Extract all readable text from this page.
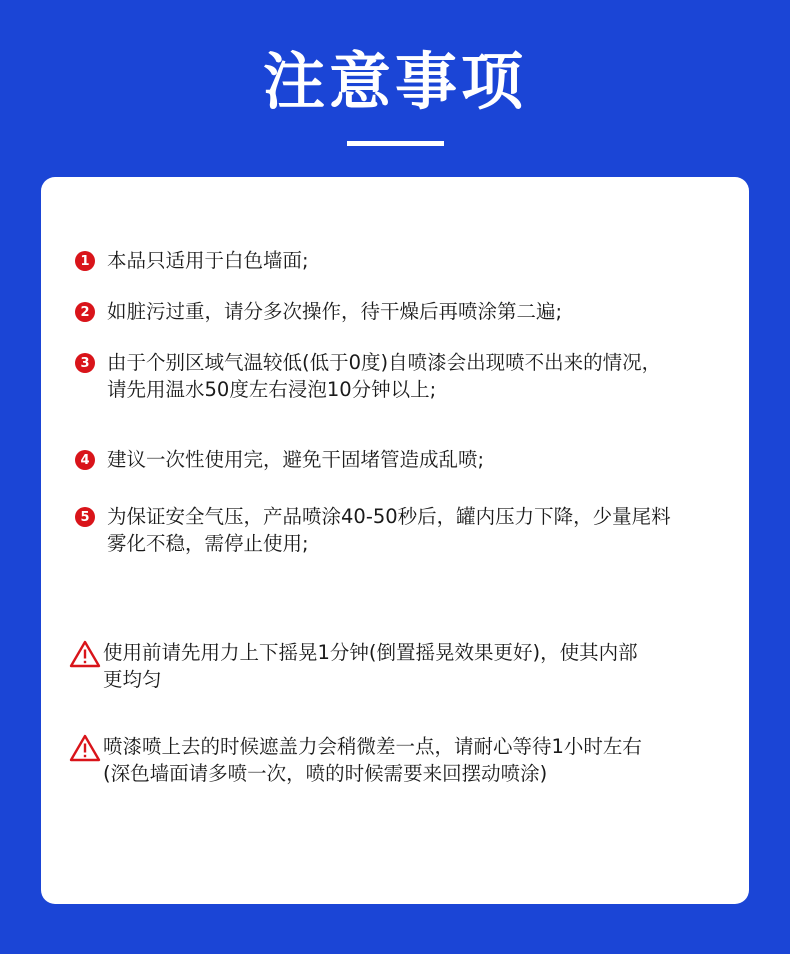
注意事项
1 本品只适用于白色墙面;
2 如脏污过重，请分多次操作，待干燥后再喷涂第二遍;
3 由于个别区域气温较低(低于0度)自喷漆会出现喷不出来的情况，
请先用温水50度左右浸泡10分钟以上;
4 建议一次性使用完，避免干固堵管造成乱喷;
5 为保证安全气压，产品喷涂40-50秒后，罐内压力下降，少量尾料
雾化不稳，需停止使用;
使用前请先用力上下摇晃1分钟(倒置摇晃效果更好)，使其内部
更均匀
喷漆喷上去的时候遮盖力会稍微差一点，请耐心等待1小时左右
(深色墙面请多喷一次，喷的时候需要来回摆动喷涂)
